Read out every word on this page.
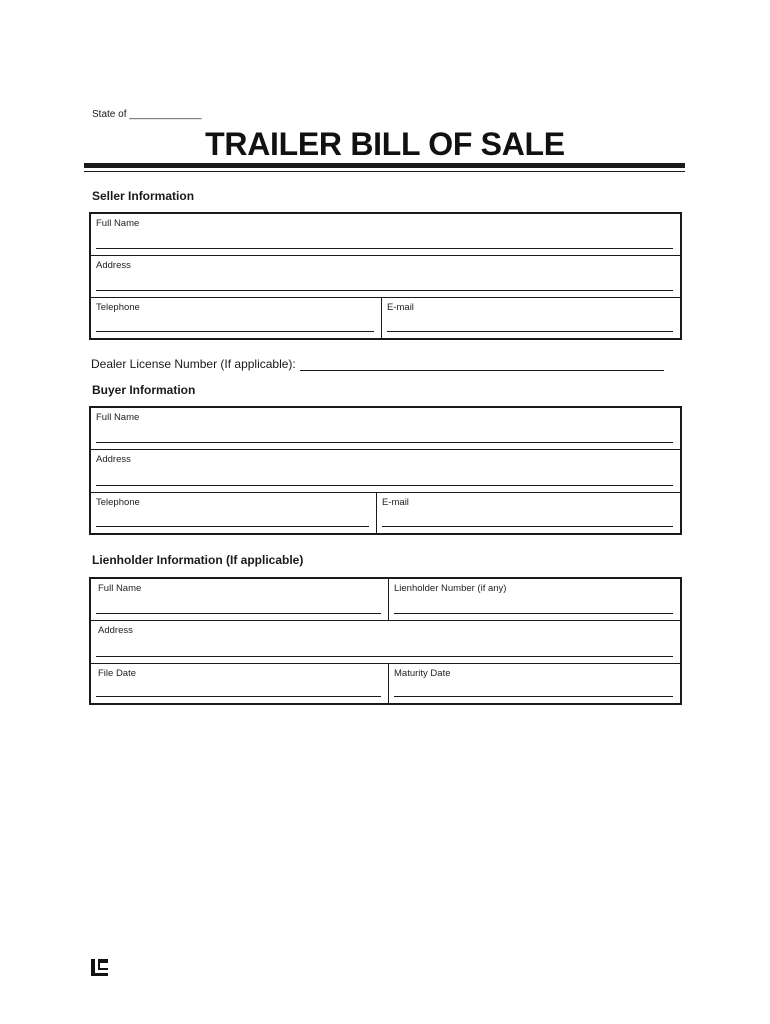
State of _____________
TRAILER BILL OF SALE
Seller Information
Full Name
Address
Telephone	E-mail
Dealer License Number (If applicable):
Buyer Information
Full Name
Address
Telephone	E-mail
Lienholder Information (If applicable)
Full Name	Lienholder Number (if any)
Address
File Date	Maturity Date
